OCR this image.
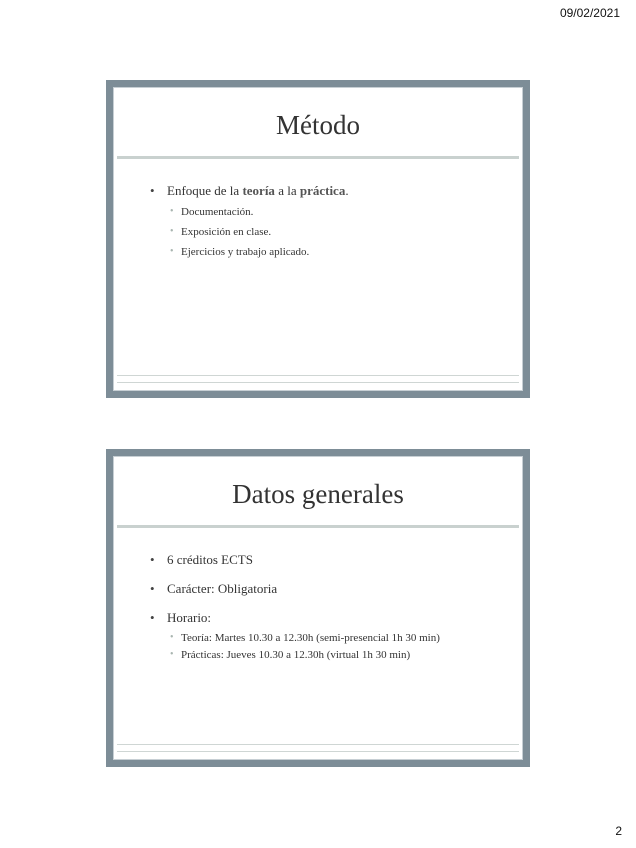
09/02/2021
Método
• Enfoque de la teoría a la práctica.
• Documentación.
• Exposición en clase.
• Ejercicios y trabajo aplicado.
Datos generales
• 6 créditos ECTS
• Carácter: Obligatoria
• Horario:
• Teoría: Martes 10.30 a 12.30h (semi-presencial 1h 30 min)
• Prácticas: Jueves 10.30 a 12.30h (virtual 1h 30 min)
2
